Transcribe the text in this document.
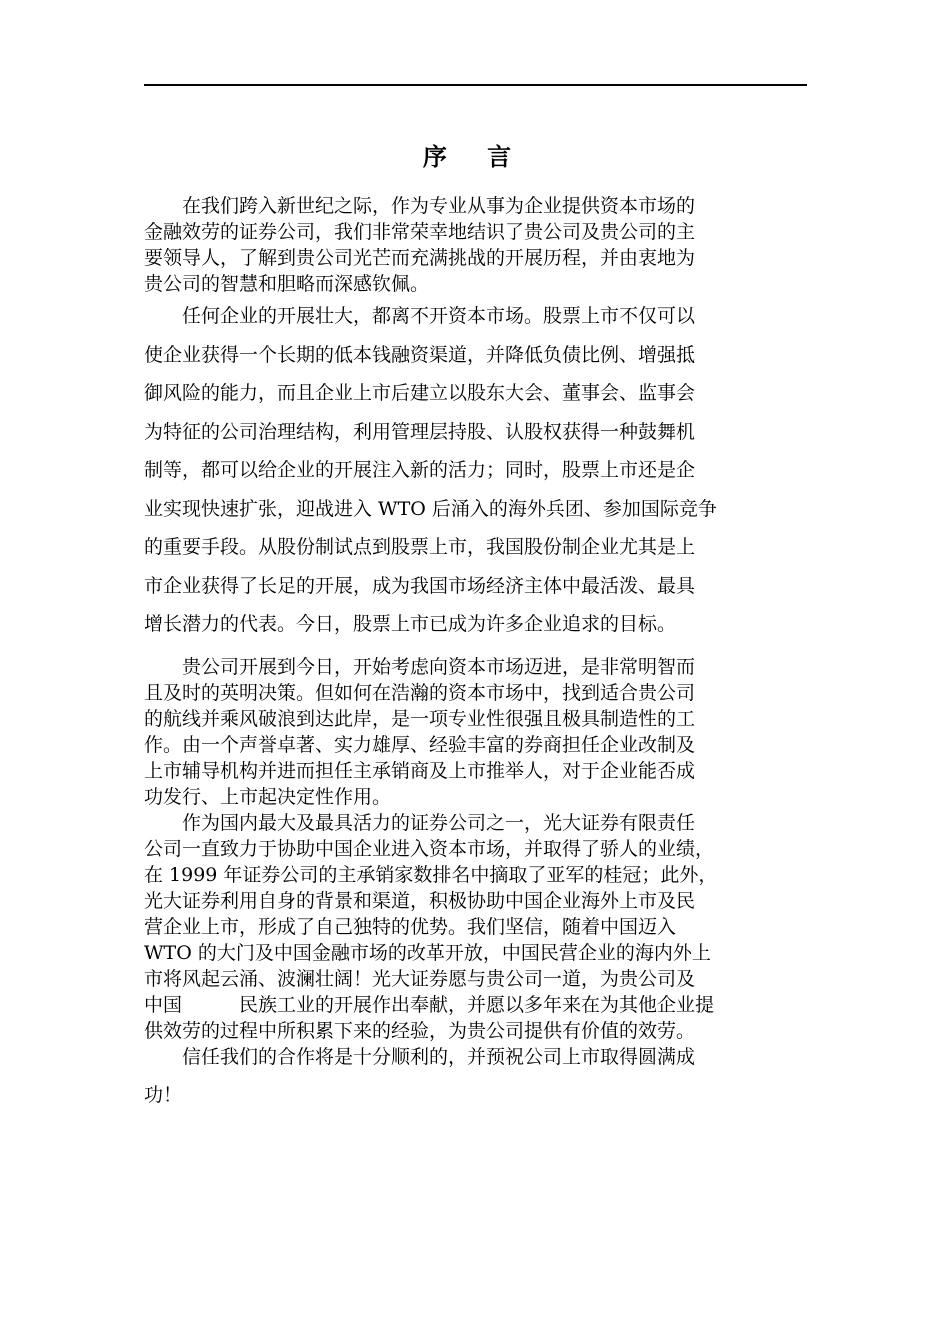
序 言
在我们跨入新世纪之际，作为专业从事为企业提供资本市场的
金融效劳的证券公司，我们非常荣幸地结识了贵公司及贵公司的主
要领导人，了解到贵公司光芒而充满挑战的开展历程，并由衷地为
贵公司的智慧和胆略而深感钦佩。
任何企业的开展壮大，都离不开资本市场。股票上市不仅可以
使企业获得一个长期的低本钱融资渠道，并降低负债比例、增强抵
御风险的能力，而且企业上市后建立以股东大会、董事会、监事会
为特征的公司治理结构，利用管理层持股、认股权获得一种鼓舞机
制等，都可以给企业的开展注入新的活力；同时，股票上市还是企
业实现快速扩张，迎战进入 WTO 后涌入的海外兵团、参加国际竞争
的重要手段。从股份制试点到股票上市，我国股份制企业尤其是上
市企业获得了长足的开展，成为我国市场经济主体中最活泼、最具
增长潜力的代表。今日，股票上市已成为许多企业追求的目标。
贵公司开展到今日，开始考虑向资本市场迈进，是非常明智而
且及时的英明决策。但如何在浩瀚的资本市场中，找到适合贵公司
的航线并乘风破浪到达此岸，是一项专业性很强且极具制造性的工
作。由一个声誉卓著、实力雄厚、经验丰富的券商担任企业改制及
上市辅导机构并进而担任主承销商及上市推举人，对于企业能否成
功发行、上市起决定性作用。
作为国内最大及最具活力的证券公司之一，光大证券有限责任
公司一直致力于协助中国企业进入资本市场，并取得了骄人的业绩，
在 1999 年证券公司的主承销家数排名中摘取了亚军的桂冠；此外，
光大证券利用自身的背景和渠道，积极协助中国企业海外上市及民
营企业上市，形成了自己独特的优势。我们坚信，随着中国迈入
WTO 的大门及中国金融市场的改革开放，中国民营企业的海内外上
市将风起云涌、波澜壮阔！光大证券愿与贵公司一道，为贵公司及
中国　　　民族工业的开展作出奉献，并愿以多年来在为其他企业提
供效劳的过程中所积累下来的经验，为贵公司提供有价值的效劳。
信任我们的合作将是十分顺利的，并预祝公司上市取得圆满成
功！
